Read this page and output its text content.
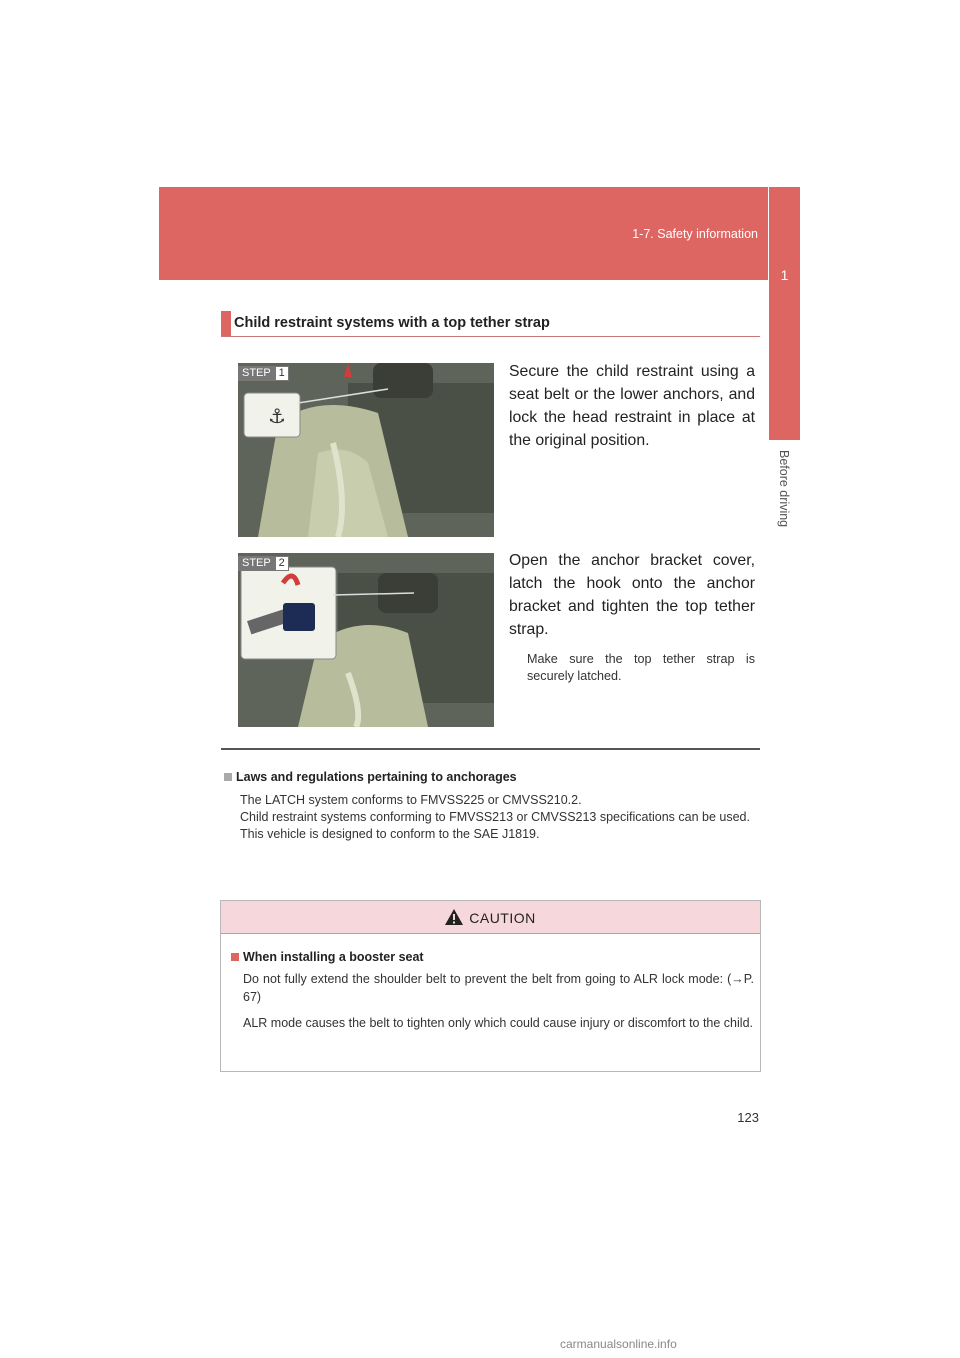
1-7. Safety information
1
Before driving
Child restraint systems with a top tether strap
⚓
STEP 1	Secure the child restraint using a seat belt or the lower anchors, and lock the head restraint in place at the original position.
STEP 2	Open the anchor bracket cover, latch the hook onto the anchor bracket and tighten the top tether strap.
Make sure the top tether strap is securely latched.
Laws and regulations pertaining to anchorages

The LATCH system conforms to FMVSS225 or CMVSS210.2.

Child restraint systems conforming to FMVSS213 or CMVSS213 specifications can be used.

This vehicle is designed to conform to the SAE J1819.

CAUTION
When installing a booster seat

Do not fully extend the shoulder belt to prevent the belt from going to ALR lock mode: (→P. 67)

ALR mode causes the belt to tighten only which could cause injury or discomfort to the child.

123
carmanualsonline.info
